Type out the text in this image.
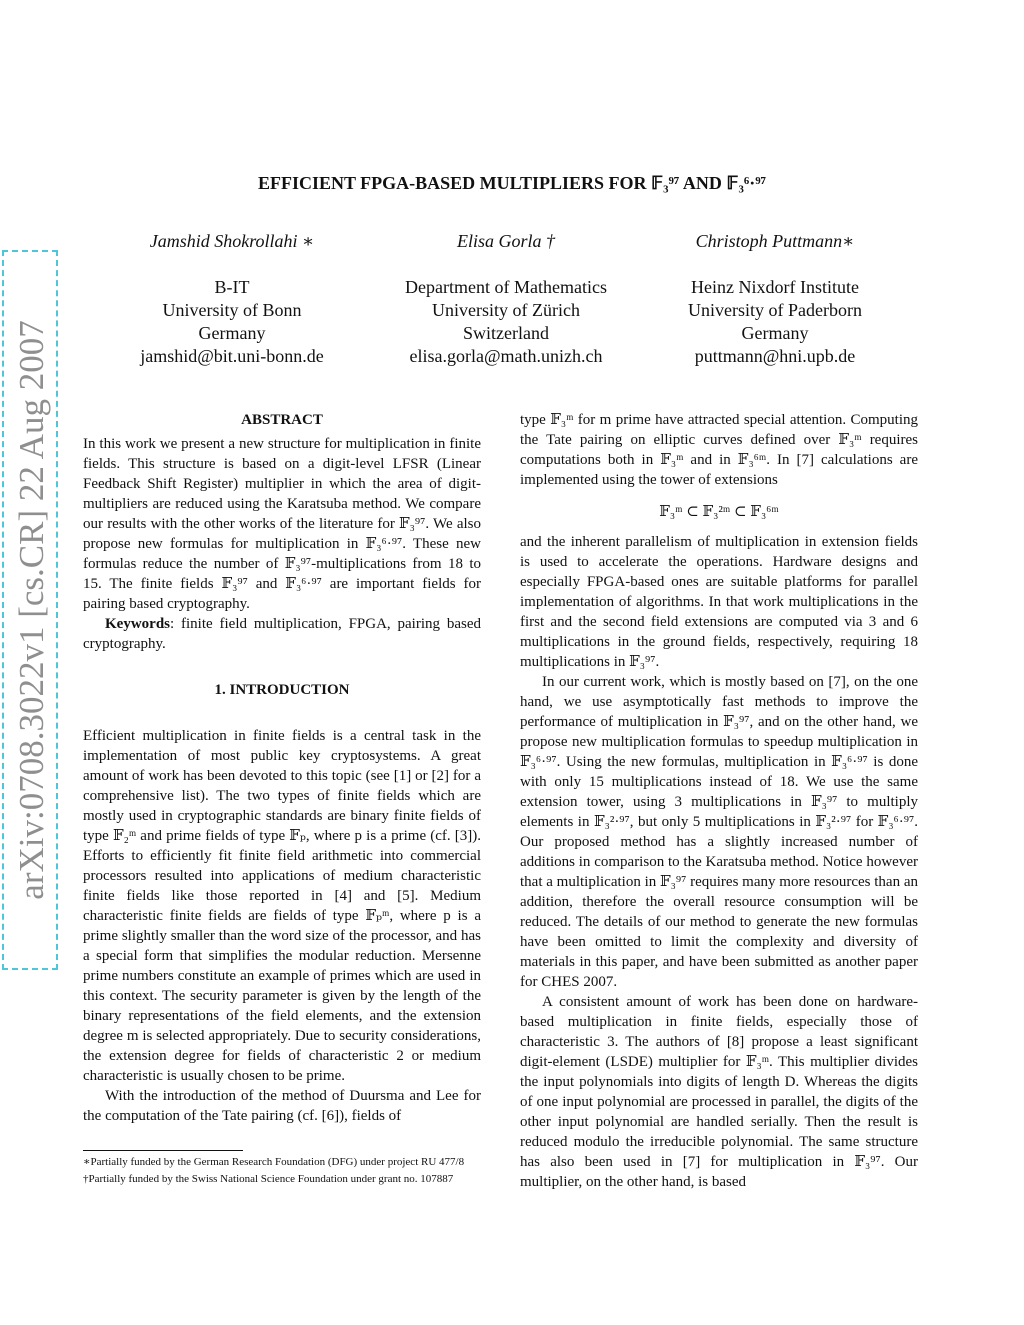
arXiv:0708.3022v1 [cs.CR] 22 Aug 2007
EFFICIENT FPGA-BASED MULTIPLIERS FOR 𝔽₃⁹⁷ AND 𝔽₃⁶·⁹⁷
Jamshid Shokrollahi ∗
B-IT
University of Bonn
Germany
jamshid@bit.uni-bonn.de
Elisa Gorla †
Department of Mathematics
University of Zürich
Switzerland
elisa.gorla@math.unizh.ch
Christoph Puttmann∗
Heinz Nixdorf Institute
University of Paderborn
Germany
puttmann@hni.upb.de
ABSTRACT

In this work we present a new structure for multiplication in finite fields. This structure is based on a digit-level LFSR (Linear Feedback Shift Register) multiplier in which the area of digit-multipliers are reduced using the Karatsuba method. We compare our results with the other works of the literature for 𝔽₃⁹⁷. We also propose new formulas for multiplication in 𝔽₃⁶·⁹⁷. These new formulas reduce the number of 𝔽₃⁹⁷-multiplications from 18 to 15. The finite fields 𝔽₃⁹⁷ and 𝔽₃⁶·⁹⁷ are important fields for pairing based cryptography.

Keywords: finite field multiplication, FPGA, pairing based cryptography.

1. INTRODUCTION

Efficient multiplication in finite fields is a central task in the implementation of most public key cryptosystems. A great amount of work has been devoted to this topic (see [1] or [2] for a comprehensive list). The two types of finite fields which are mostly used in cryptographic standards are binary finite fields of type 𝔽₂ᵐ and prime fields of type 𝔽ₚ, where p is a prime (cf. [3]). Efforts to efficiently fit finite field arithmetic into commercial processors resulted into applications of medium characteristic finite fields like those reported in [4] and [5]. Medium characteristic finite fields are fields of type 𝔽ₚᵐ, where p is a prime slightly smaller than the word size of the processor, and has a special form that simplifies the modular reduction. Mersenne prime numbers constitute an example of primes which are used in this context. The security parameter is given by the length of the binary representations of the field elements, and the extension degree m is selected appropriately. Due to security considerations, the extension degree for fields of characteristic 2 or medium characteristic is usually chosen to be prime.

With the introduction of the method of Duursma and Lee for the computation of the Tate pairing (cf. [6]), fields of

∗Partially funded by the German Research Foundation (DFG) under project RU 477/8

†Partially funded by the Swiss National Science Foundation under grant no. 107887

type 𝔽₃ᵐ for m prime have attracted special attention. Computing the Tate pairing on elliptic curves defined over 𝔽₃ᵐ requires computations both in 𝔽₃ᵐ and in 𝔽₃⁶ᵐ. In [7] calculations are implemented using the tower of extensions

𝔽₃ᵐ ⊂ 𝔽₃²ᵐ ⊂ 𝔽₃⁶ᵐ

and the inherent parallelism of multiplication in extension fields is used to accelerate the operations. Hardware designs and especially FPGA-based ones are suitable platforms for parallel implementation of algorithms. In that work multiplications in the first and the second field extensions are computed via 3 and 6 multiplications in the ground fields, respectively, requiring 18 multiplications in 𝔽₃⁹⁷.

In our current work, which is mostly based on [7], on the one hand, we use asymptotically fast methods to improve the performance of multiplication in 𝔽₃⁹⁷, and on the other hand, we propose new multiplication formulas to speedup multiplication in 𝔽₃⁶·⁹⁷. Using the new formulas, multiplication in 𝔽₃⁶·⁹⁷ is done with only 15 multiplications instead of 18. We use the same extension tower, using 3 multiplications in 𝔽₃⁹⁷ to multiply elements in 𝔽₃²·⁹⁷, but only 5 multiplications in 𝔽₃²·⁹⁷ for 𝔽₃⁶·⁹⁷. Our proposed method has a slightly increased number of additions in comparison to the Karatsuba method. Notice however that a multiplication in 𝔽₃⁹⁷ requires many more resources than an addition, therefore the overall resource consumption will be reduced. The details of our method to generate the new formulas have been omitted to limit the complexity and diversity of materials in this paper, and have been submitted as another paper for CHES 2007.

A consistent amount of work has been done on hardware-based multiplication in finite fields, especially those of characteristic 3. The authors of [8] propose a least significant digit-element (LSDE) multiplier for 𝔽₃ᵐ. This multiplier divides the input polynomials into digits of length D. Whereas the digits of one input polynomial are processed in parallel, the digits of the other input polynomial are handled serially. Then the result is reduced modulo the irreducible polynomial. The same structure has also been used in [7] for multiplication in 𝔽₃⁹⁷. Our multiplier, on the other hand, is based
